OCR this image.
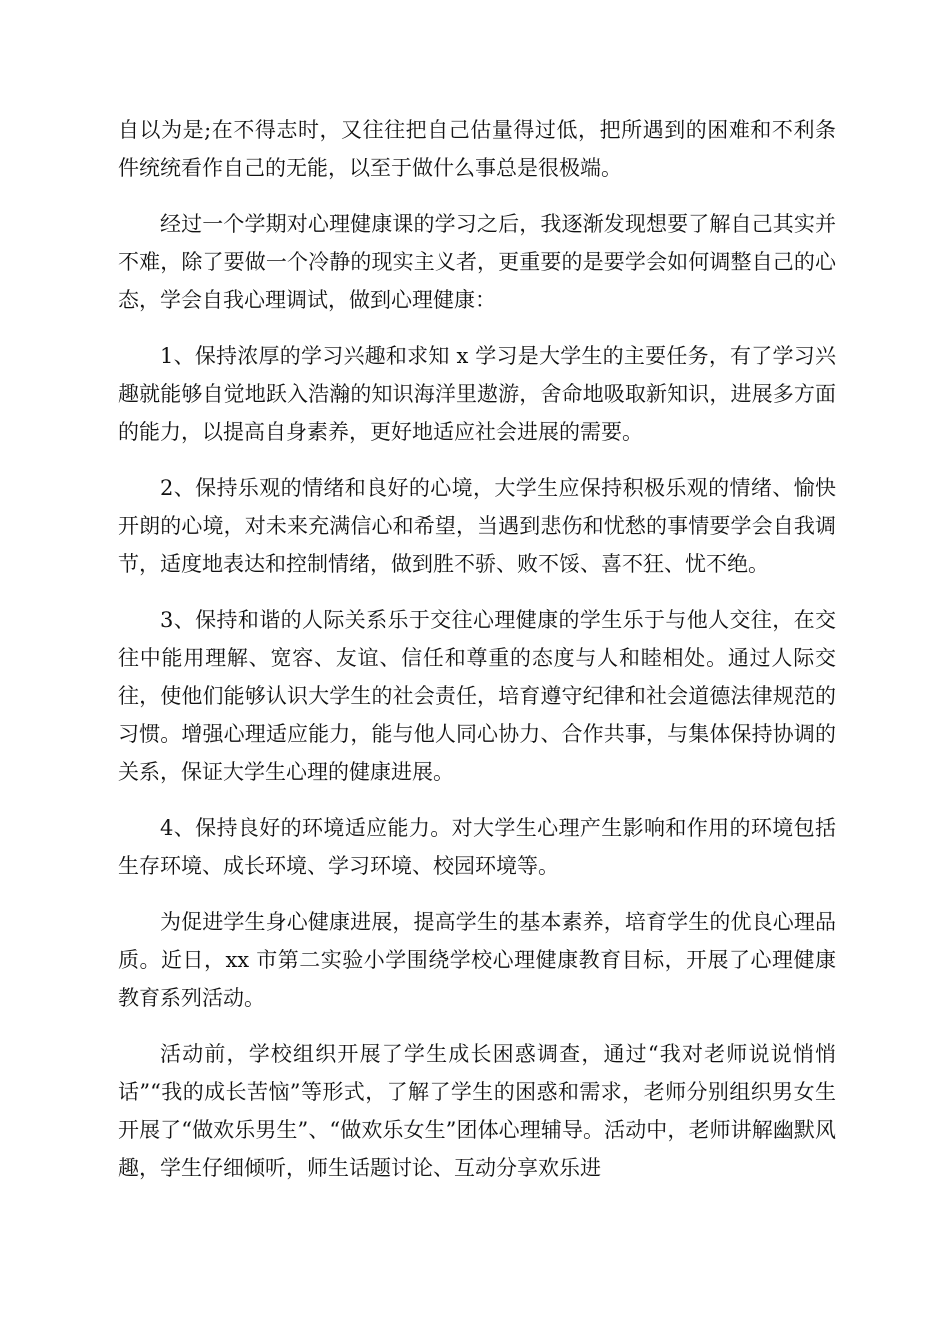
自以为是;在不得志时，又往往把自己估量得过低，把所遇到的困难和不利条件统统看作自己的无能，以至于做什么事总是很极端。

经过一个学期对心理健康课的学习之后，我逐渐发现想要了解自己其实并不难，除了要做一个冷静的现实主义者，更重要的是要学会如何调整自己的心态，学会自我心理调试，做到心理健康：

1、保持浓厚的学习兴趣和求知 x 学习是大学生的主要任务，有了学习兴趣就能够自觉地跃入浩瀚的知识海洋里遨游，舍命地吸取新知识，进展多方面的能力，以提高自身素养，更好地适应社会进展的需要。

2、保持乐观的情绪和良好的心境，大学生应保持积极乐观的情绪、愉快开朗的心境，对未来充满信心和希望，当遇到悲伤和忧愁的事情要学会自我调节，适度地表达和控制情绪，做到胜不骄、败不馁、喜不狂、忧不绝。

3、保持和谐的人际关系乐于交往心理健康的学生乐于与他人交往，在交往中能用理解、宽容、友谊、信任和尊重的态度与人和睦相处。通过人际交往，使他们能够认识大学生的社会责任，培育遵守纪律和社会道德法律规范的习惯。增强心理适应能力，能与他人同心协力、合作共事，与集体保持协调的关系，保证大学生心理的健康进展。

4、保持良好的环境适应能力。对大学生心理产生影响和作用的环境包括生存环境、成长环境、学习环境、校园环境等。

为促进学生身心健康进展，提高学生的基本素养，培育学生的优良心理品质。近日，xx 市第二实验小学围绕学校心理健康教育目标，开展了心理健康教育系列活动。

活动前，学校组织开展了学生成长困惑调查，通过“我对老师说说悄悄话”“我的成长苦恼”等形式，了解了学生的困惑和需求，老师分别组织男女生开展了“做欢乐男生”、“做欢乐女生”团体心理辅导。活动中，老师讲解幽默风趣，学生仔细倾听，师生话题讨论、互动分享欢乐进
